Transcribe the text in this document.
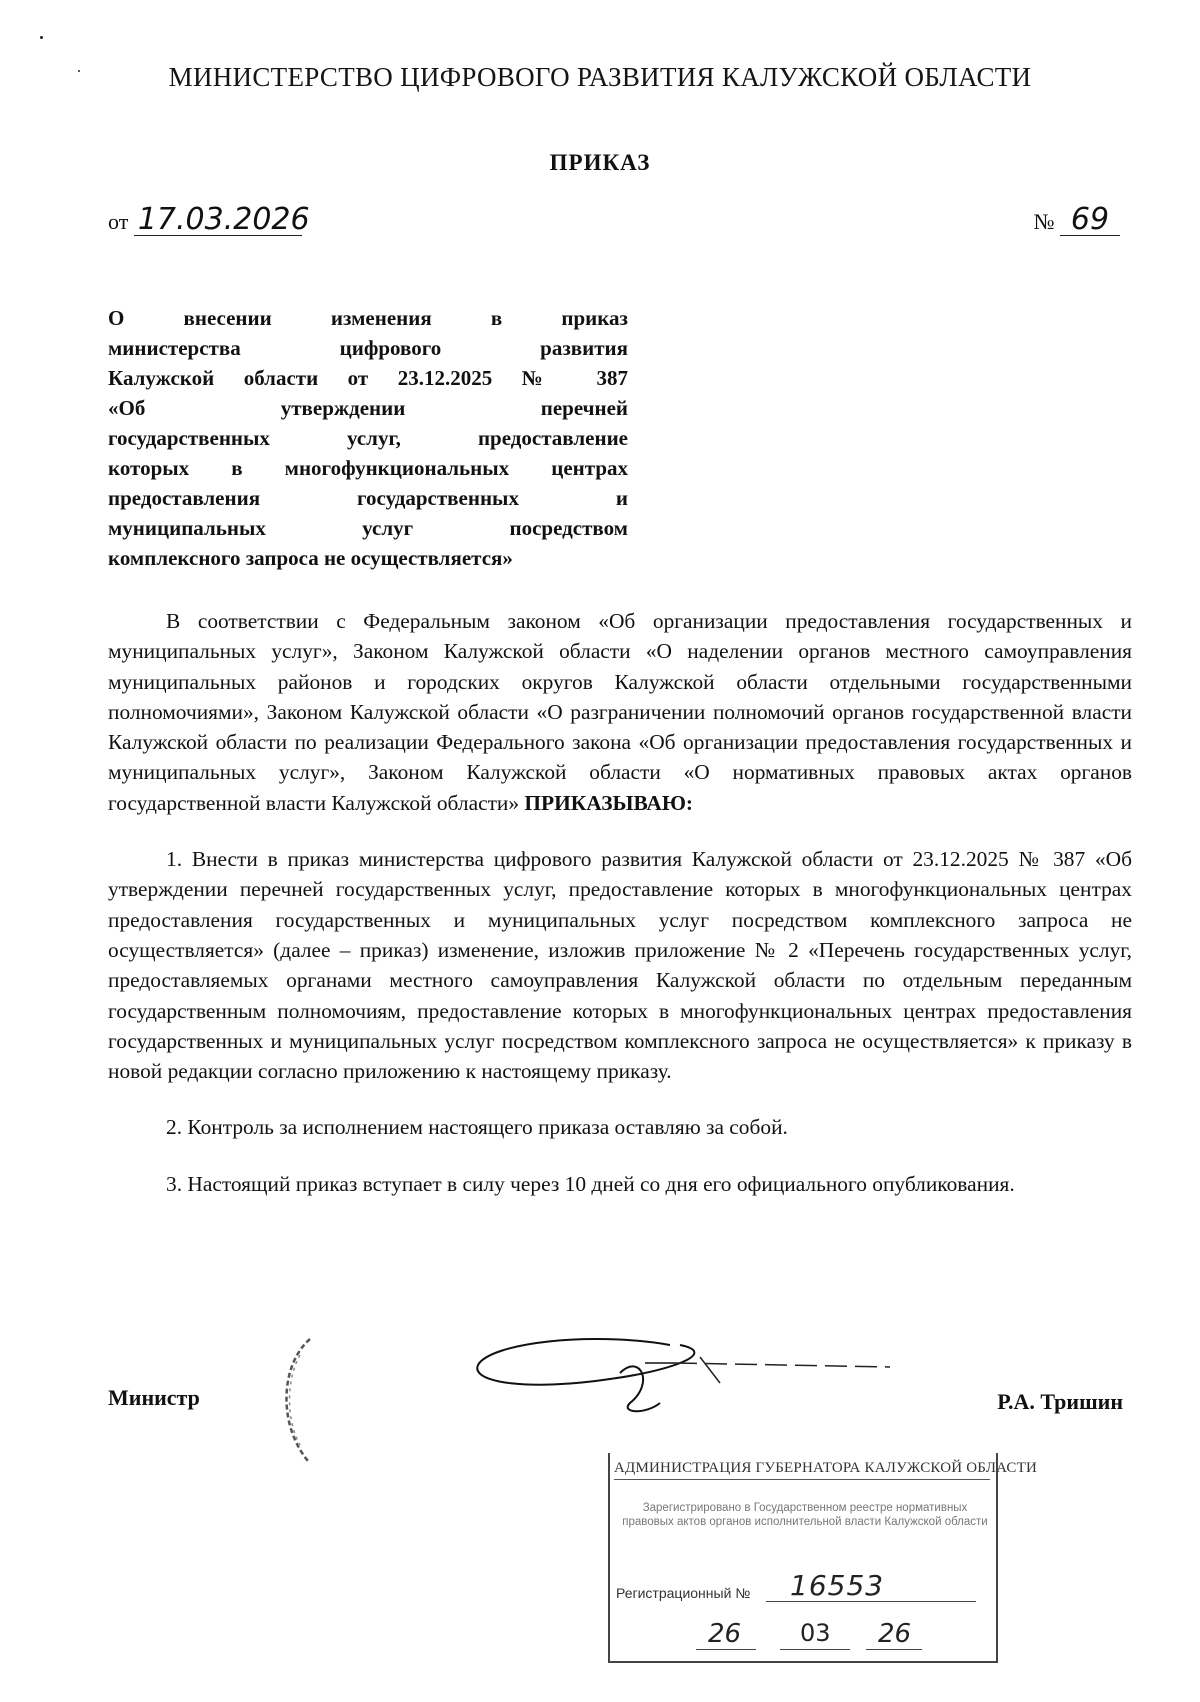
МИНИСТЕРСТВО ЦИФРОВОГО РАЗВИТИЯ КАЛУЖСКОЙ ОБЛАСТИ
ПРИКАЗ
от 17.03.2026	№ 69
О внесении изменения в приказ
министерства цифрового развития
Калужской области от 23.12.2025 № 387
«Об утверждении перечней
государственных услуг, предоставление
которых в многофункциональных центрах
предоставления государственных и
муниципальных услуг посредством
комплексного запроса не осуществляется»

В соответствии с Федеральным законом «Об организации предоставления государственных и муниципальных услуг», Законом Калужской области «О наделении органов местного самоуправления муниципальных районов и городских округов Калужской области отдельными государственными полномочиями», Законом Калужской области «О разграничении полномочий органов государственной власти Калужской области по реализации Федерального закона «Об организации предоставления государственных и муниципальных услуг», Законом Калужской области «О нормативных правовых актах органов государственной власти Калужской области» ПРИКАЗЫВАЮ:

1. Внести в приказ министерства цифрового развития Калужской области от 23.12.2025 № 387 «Об утверждении перечней государственных услуг, предоставление которых в многофункциональных центрах предоставления государственных и муниципальных услуг посредством комплексного запроса не осуществляется» (далее – приказ) изменение, изложив приложение № 2 «Перечень государственных услуг, предоставляемых органами местного самоуправления Калужской области по отдельным переданным государственным полномочиям, предоставление которых в многофункциональных центрах предоставления государственных и муниципальных услуг посредством комплексного запроса не осуществляется» к приказу в новой редакции согласно приложению к настоящему приказу.

2. Контроль за исполнением настоящего приказа оставляю за собой.

3. Настоящий приказ вступает в силу через 10 дней со дня его официального опубликования.

Министр	Р.А. Тришин
АДМИНИСТРАЦИЯ ГУБЕРНАТОРА КАЛУЖСКОЙ ОБЛАСТИ
Зарегистрировано в Государственном реестре нормативных
правовых актов органов исполнительной власти Калужской области
Регистрационный № 16553
26 03 26
